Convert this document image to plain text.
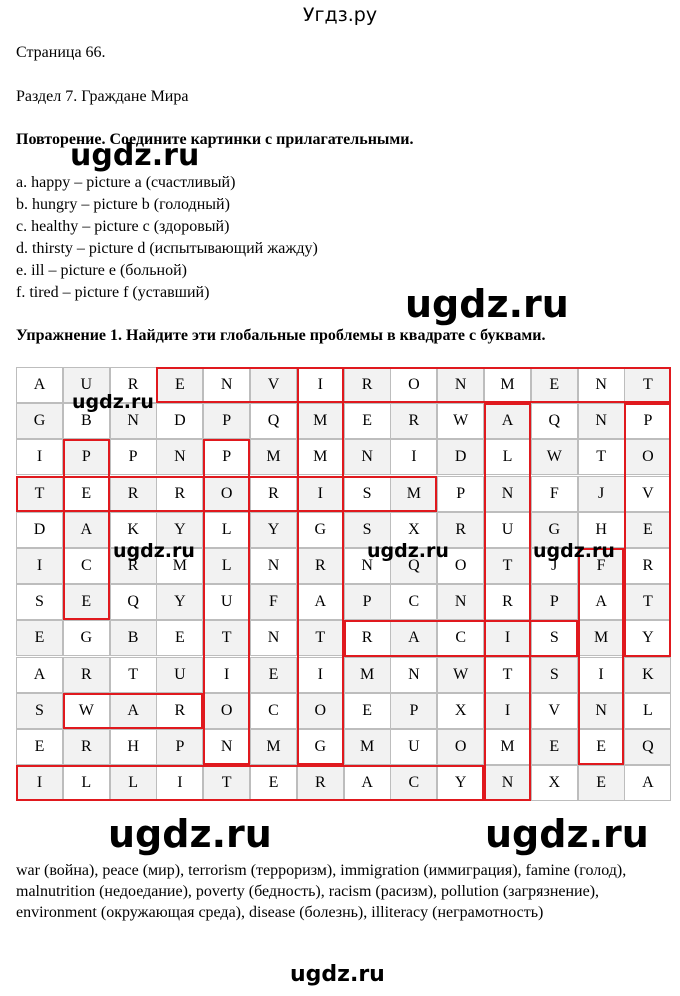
Угдз.ру
Страница 66.
Раздел 7. Граждане Мира
Повторение. Соедините картинки с прилагательными.
a. happy – picture a (счастливый)
b. hungry – picture b (голодный)
c. healthy – picture c (здоровый)
d. thirsty – picture d (испытывающий жажду)
e. ill – picture e (больной)
f. tired – picture f (уставший)
Упражнение 1. Найдите эти глобальные проблемы в квадрате с буквами.
A	U	R	E	N	V	I	R	O	N	M	E	N	T
G	B	N	D	P	Q	M	E	R	W	A	Q	N	P
I	P	P	N	P	M	M	N	I	D	L	W	T	O
T	E	R	R	O	R	I	S	M	P	N	F	J	V
D	A	K	Y	L	Y	G	S	X	R	U	G	H	E
I	C	R	M	L	N	R	N	Q	O	T	J	F	R
S	E	Q	Y	U	F	A	P	C	N	R	P	A	T
E	G	B	E	T	N	T	R	A	C	I	S	M	Y
A	R	T	U	I	E	I	M	N	W	T	S	I	K
S	W	A	R	O	C	O	E	P	X	I	V	N	L
E	R	H	P	N	M	G	M	U	O	M	E	E	Q
I	L	L	I	T	E	R	A	C	Y	N	X	E	A
war (война), peace (мир), terrorism (терроризм), immigration (иммиграция), famine (голод), malnutrition (недоедание), poverty (бедность), racism (расизм), pollution (загрязнение), environment (окружающая среда), disease (болезнь), illiteracy (неграмотность)
ugdz.ru
ugdz.ru
ugdz.ru
ugdz.ru	ugdz.ru	ugdz.ru
ugdz.ru	ugdz.ru
ugdz.ru
